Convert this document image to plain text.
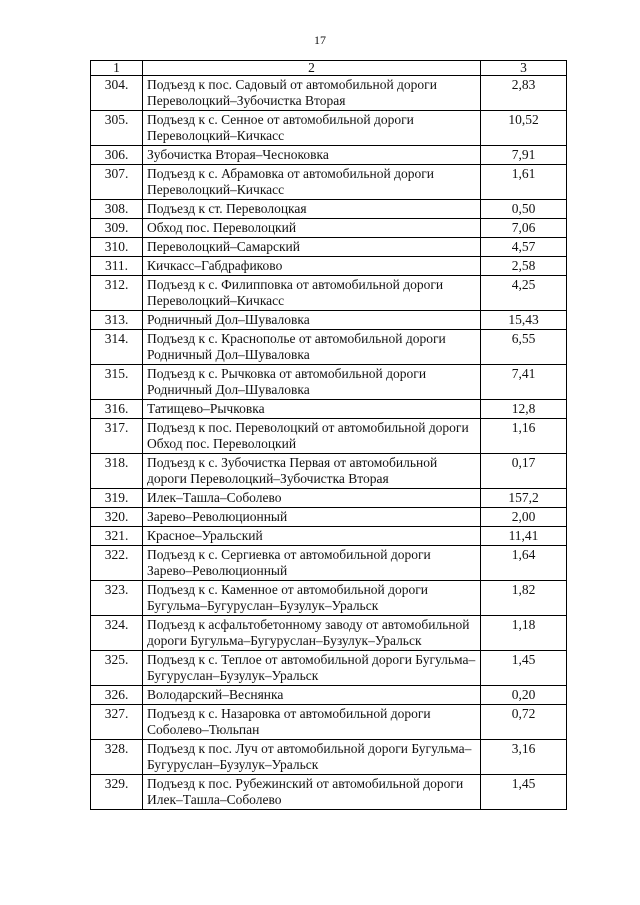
17
1	2	3
304.	Подъезд к пос. Садовый от автомобильной дороги Переволоцкий–Зубочистка Вторая	2,83
305.	Подъезд к с. Сенное от автомобильной дороги Переволоцкий–Кичкасс	10,52
306.	Зубочистка Вторая–Чесноковка	7,91
307.	Подъезд к с. Абрамовка от автомобильной дороги Переволоцкий–Кичкасс	1,61
308.	Подъезд к ст. Переволоцкая	0,50
309.	Обход пос. Переволоцкий	7,06
310.	Переволоцкий–Самарский	4,57
311.	Кичкасс–Габдрафиково	2,58
312.	Подъезд к с. Филипповка от автомобильной дороги Переволоцкий–Кичкасс	4,25
313.	Родничный Дол–Шуваловка	15,43
314.	Подъезд к с. Краснополье от автомобильной дороги Родничный Дол–Шуваловка	6,55
315.	Подъезд к с. Рычковка от автомобильной дороги Родничный Дол–Шуваловка	7,41
316.	Татищево–Рычковка	12,8
317.	Подъезд к пос. Переволоцкий от автомобильной дороги Обход пос. Переволоцкий	1,16
318.	Подъезд к с. Зубочистка Первая от автомобильной дороги Переволоцкий–Зубочистка Вторая	0,17
319.	Илек–Ташла–Соболево	157,2
320.	Зарево–Революционный	2,00
321.	Красное–Уральский	11,41
322.	Подъезд к с. Сергиевка от автомобильной дороги Зарево–Революционный	1,64
323.	Подъезд к с. Каменное от автомобильной дороги Бугульма–Бугуруслан–Бузулук–Уральск	1,82
324.	Подъезд к асфальтобетонному заводу от автомобильной дороги Бугульма–Бугуруслан–Бузулук–Уральск	1,18
325.	Подъезд к с. Теплое от автомобильной дороги Бугульма–Бугуруслан–Бузулук–Уральск	1,45
326.	Володарский–Веснянка	0,20
327.	Подъезд к с. Назаровка от автомобильной дороги Соболево–Тюльпан	0,72
328.	Подъезд к пос. Луч от автомобильной дороги Бугульма–Бугуруслан–Бузулук–Уральск	3,16
329.	Подъезд к пос. Рубежинский от автомобильной дороги Илек–Ташла–Соболево	1,45
